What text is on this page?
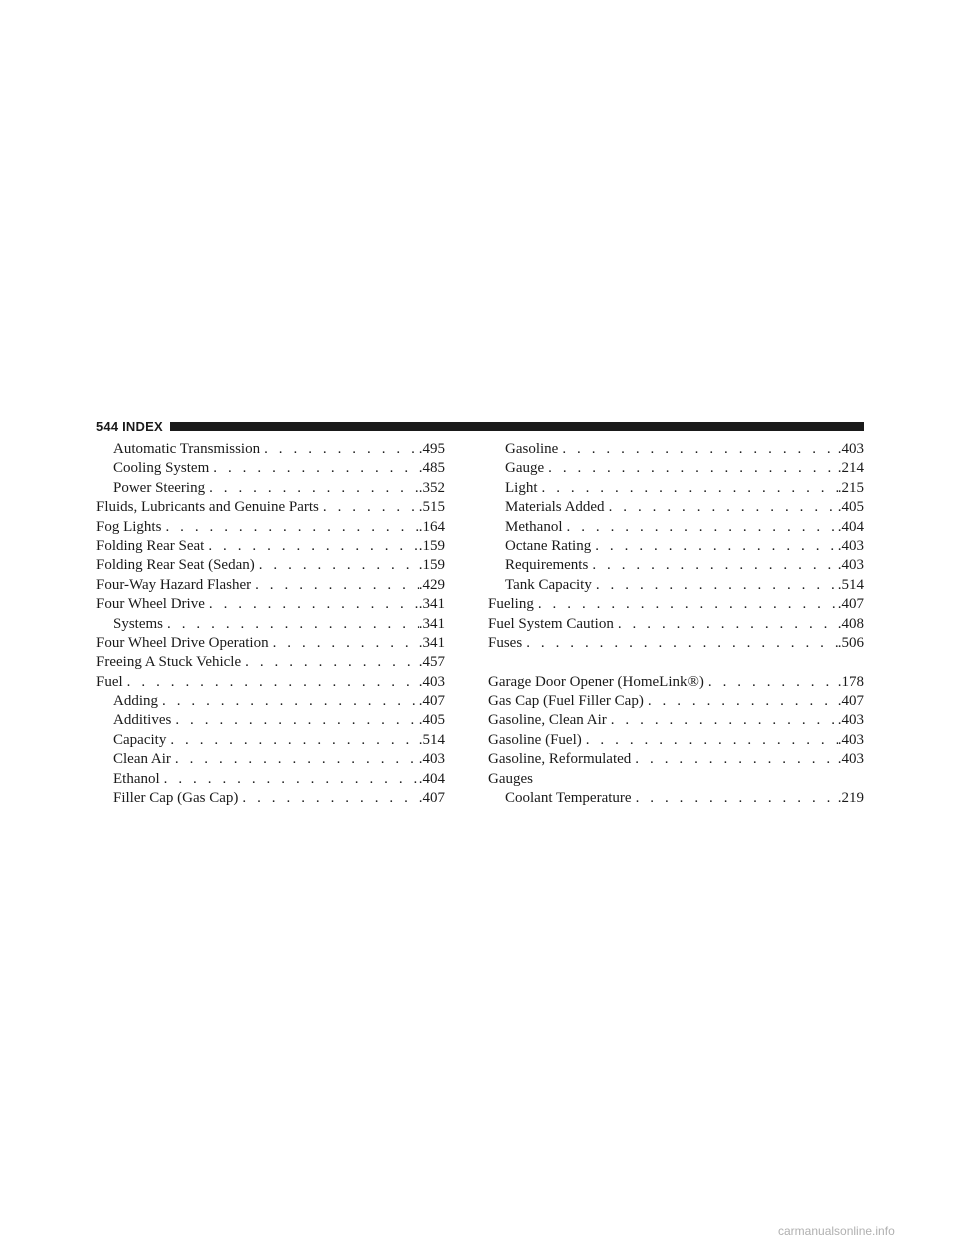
544 INDEX
Automatic Transmission . . .	.495
Cooling System . . .	.485
Power Steering . . .	.352
Fluids, Lubricants and Genuine Parts . . .	.515
Fog Lights . . .	.164
Folding Rear Seat . . .	.159
Folding Rear Seat (Sedan) . . .	.159
Four-Way Hazard Flasher . . .	.429
Four Wheel Drive . . .	.341
Systems . . .	.341
Four Wheel Drive Operation . . .	.341
Freeing A Stuck Vehicle . . .	.457
Fuel . . .	.403
Adding . . .	.407
Additives . . .	.405
Capacity . . .	.514
Clean Air . . .	.403
Ethanol . . .	.404
Filler Cap (Gas Cap) . . .	.407
Gasoline . . .	.403
Gauge . . .	.214
Light . . .	.215
Materials Added . . .	.405
Methanol . . .	.404
Octane Rating . . .	.403
Requirements . . .	.403
Tank Capacity . . .	.514
Fueling . . .	.407
Fuel System Caution . . .	.408
Fuses . . .	.506
Garage Door Opener (HomeLink®) . . .	.178
Gas Cap (Fuel Filler Cap) . . .	.407
Gasoline, Clean Air . . .	.403
Gasoline (Fuel) . . .	.403
Gasoline, Reformulated . . .	.403
Gauges
Coolant Temperature . . .	.219
carmanualsonline.info
